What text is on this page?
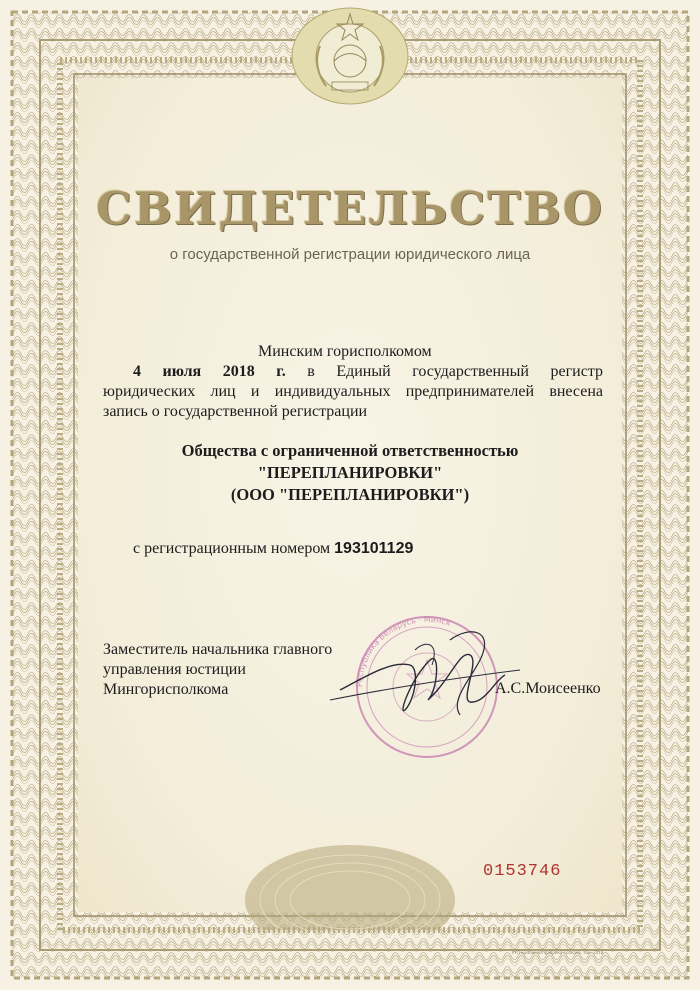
СВИДЕТЕЛЬСТВО
о государственной регистрации юридического лица
Минским горисполкомом
4 июля 2018 г. в Единый государственный регистр
юридических лиц и индивидуальных предпринимателей внесена
запись о государственной регистрации
Общества с ограниченной ответственностью
"ПЕРЕПЛАНИРОВКИ"
(ООО "ПЕРЕПЛАНИРОВКИ")
с регистрационным номером 193101129
Заместитель начальника главного
управления юстиции
Мингорисполкома	Республика Беларусь · Минск
А.С.Моисеенко
0153746
РУП Бумажная фабрика Гознака. Зак. 2018
